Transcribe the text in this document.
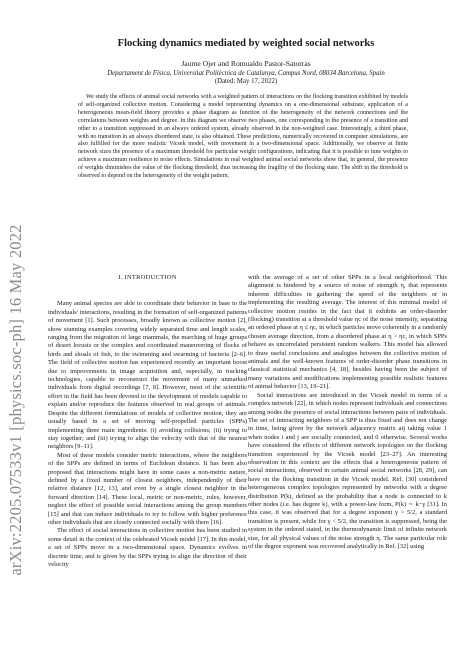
arXiv:2205.07533v1 [physics.soc-ph] 16 May 2022
Flocking dynamics mediated by weighted social networks
Jaume Ojer and Romualdo Pastor-Satorras
Departament de Física, Universitat Politècnica de Catalunya, Campus Nord, 08034 Barcelona, Spain
(Dated: May 17, 2022)

We study the effects of animal social networks with a weighted pattern of interactions on the flocking transition exhibited by models of self-organized collective motion. Considering a model representing dynamics on a one-dimensional substrate, application of a heterogeneous mean-field theory provides a phase diagram as function of the heterogeneity of the network connections and the correlations between weights and degree. In this diagram we observe two phases, one corresponding to the presence of a transition and other to a transition suppressed in an always ordered system, already observed in the non-weighted case. Interestingly, a third phase, with no transition in an always disordered state, is also obtained. These predictions, numerically recovered in computer simulations, are also fulfilled for the more realistic Vicsek model, with movement in a two-dimensional space. Additionally, we observe at finite network sizes the presence of a maximum threshold for particular weight configurations, indicating that it is possible to tune weights to achieve a maximum resilience to noise effects. Simulations in real weighted animal social networks show that, in general, the presence of weights diminishes the value of the flocking threshold, thus increasing the fragility of the flocking state. The shift in the threshold is observed to depend on the heterogeneity of the weight pattern.

I. INTRODUCTION

Many animal species are able to coordinate their behavior in base to the individuals' interactions, resulting in the formation of self-organized patterns of movement [1]. Such processes, broadly known as collective motion [2], show stunning examples covering widely separated time and length scales, ranging from the migration of large mammals, the marching of huge groups of desert locusts or the complex and coordinated maneuvering of flocks of birds and shoals of fish, to the swimming and swarming of bacteria [2–6]. The field of collective motion has experienced recently an important boost due to improvements in image acquisition and, especially, in tracking technologies, capable to reconstruct the movement of many unmarked individuals from digital recordings [7, 8]. However, most of the scientific effort in the field has been devoted to the development of models capable to explain and/or reproduce the features observed in real groups of animals. Despite the different formulations of models of collective motion, they are usually based in a set of moving self-propelled particles (SPPs) implementing three main ingredients: (i) avoiding collisions; (ii) trying to stay together; and (iii) trying to align the velocity with that of the nearest neighbors [9–11].

Most of these models consider metric interactions, where the neighbors of the SPPs are defined in terms of Euclidean distance. It has been also proposed that interactions might have in some cases a non-metric nature, defined by a fixed number of closest neighbors, independently of their relative distance [12, 13], and even by a single closest neighbor in the forward direction [14]. These local, metric or non-metric, rules, however, neglect the effect of possible social interactions among the group members [15] and that can induce individuals to try to follow with higher preference other individuals that are closely connected socially with them [16].

The effect of social interactions in collective motion has been studied in some detail in the context of the celebrated Vicsek model [17]. In this model, a set of SPPs move in a two-dimensional space. Dynamics evolves in discrete time, and is given by the SPPs trying to align the direction of their velocity

with the average of a set of other SPPs in a local neighborhood. This alignment is hindered by a source of noise of strength η, that represents inherent difficulties in gathering the speed of the neighbors or in implementing the resulting average. The interest of this minimal model of collective motion resides in the fact that it exhibits an order-disorder (flocking) transition at a threshold value ηc of the noise intensity, separating an ordered phase at η ≤ ηc, in which particles move coherently in a randomly chosen average direction, from a disordered phase at η > ηc, in which SPPs behave as uncorrelated persistent random walkers. This model has allowed to draw useful conclusions and analogies between the collective motion of animals and the well-known features of order-disorder phase transitions in classical statistical mechanics [4, 18], besides having been the subject of many variations and modifications implementing possible realistic features of animal behavior [13, 19–21].

Social interactions are introduced in the Vicsek model in terms of a complex network [22], in which nodes represent individuals and connections among nodes the presence of social interactions between pairs of individuals. The set of interacting neighbors of a SPP is thus fixed and does not change in time, being given by the network adjacency matrix aij taking value 1 when nodes i and j are socially connected, and 0 otherwise. Several works have considered the effects of different network topologies on the flocking transition experienced by the Vicsek model [23–27]. An interesting observation in this context are the effects that a heterogeneous pattern of social interactions, observed in certain animal social networks [28, 29], can have on the flocking transition in the Vicsek model. Ref. [30] considered heterogeneous complex topologies represented by networks with a degree distribution P(k), defined as the probability that a node is connected to k other nodes (i.e. has degree k), with a power-law form, P(k) ∼ k−γ [31]. In this case, it was observed that for a degree exponent γ > 5/2, a standard transition is present, while for γ < 5/2, the transition is suppressed, being the system in the ordered stated, in the thermodynamic limit of infinite network size, for all physical values of the noise strength η. The same particular role of the degree exponent was recovered analytically in Ref. [32] using
